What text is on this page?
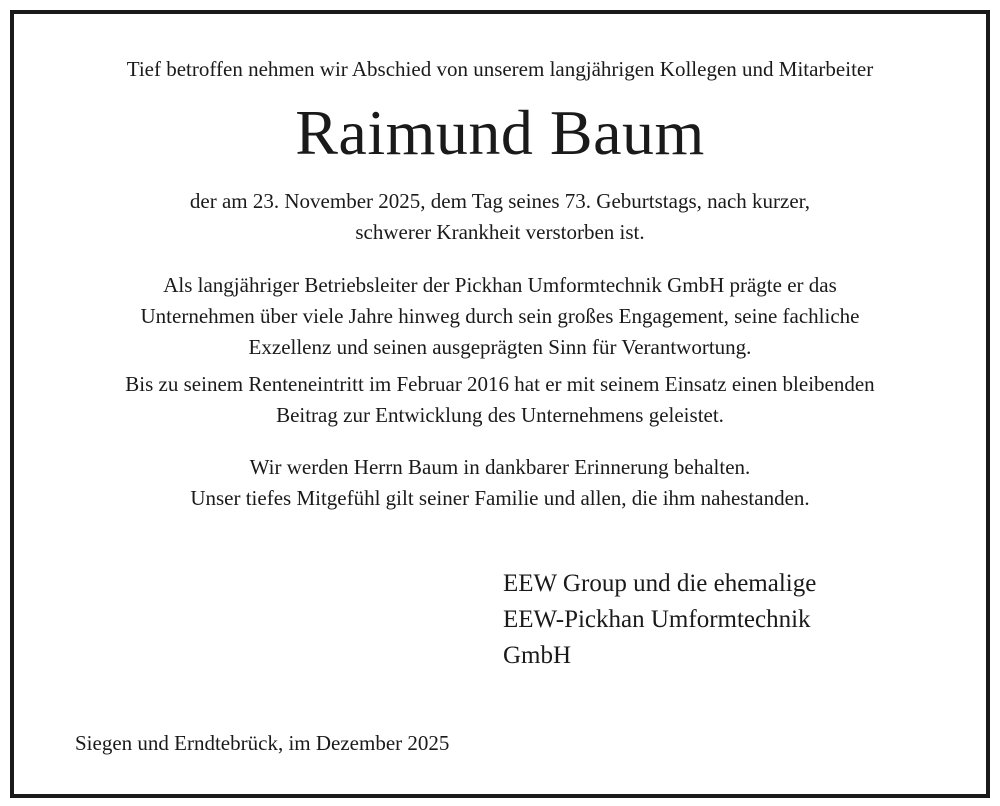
Tief betroffen nehmen wir Abschied von unserem langjährigen Kollegen und Mitarbeiter
Raimund Baum
der am 23. November 2025, dem Tag seines 73. Geburtstags, nach kurzer,
schwerer Krankheit verstorben ist.
Als langjähriger Betriebsleiter der Pickhan Umformtechnik GmbH prägte er das
Unternehmen über viele Jahre hinweg durch sein großes Engagement, seine fachliche
Exzellenz und seinen ausgeprägten Sinn für Verantwortung.
Bis zu seinem Renteneintritt im Februar 2016 hat er mit seinem Einsatz einen bleibenden
Beitrag zur Entwicklung des Unternehmens geleistet.
Wir werden Herrn Baum in dankbarer Erinnerung behalten.
Unser tiefes Mitgefühl gilt seiner Familie und allen, die ihm nahestanden.
EEW Group und die ehemalige
EEW-Pickhan Umformtechnik
GmbH
Siegen und Erndtebrück, im Dezember 2025
